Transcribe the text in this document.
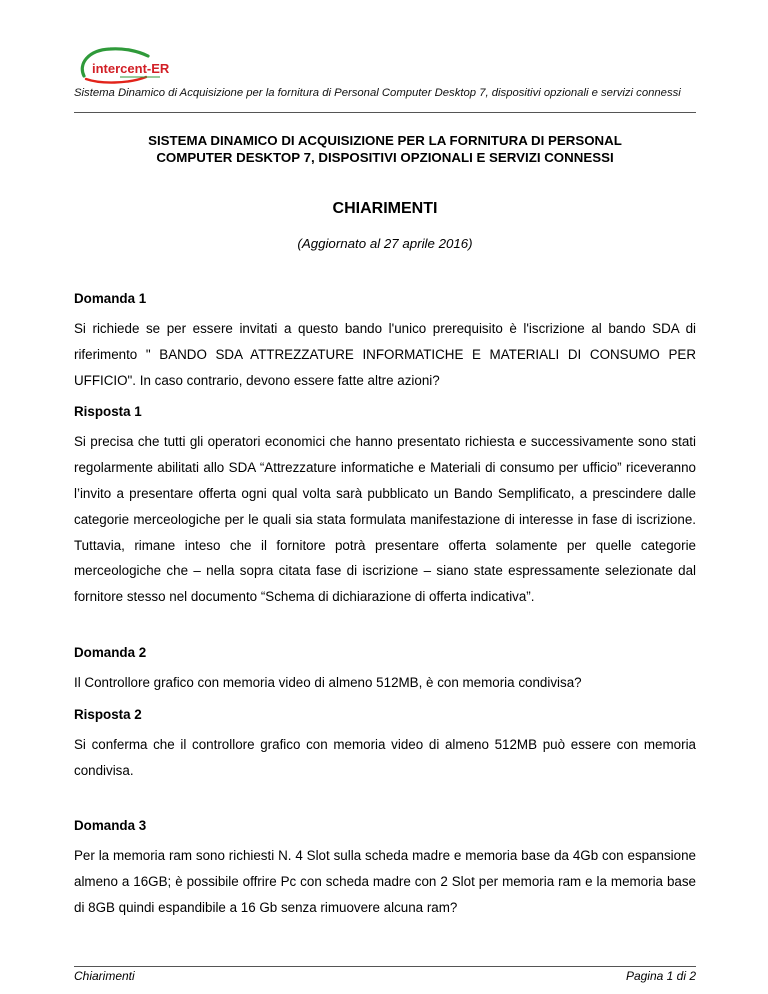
intercent-ER
Sistema Dinamico di Acquisizione per la fornitura di Personal Computer Desktop 7, dispositivi opzionali e servizi connessi
SISTEMA DINAMICO DI ACQUISIZIONE PER LA FORNITURA DI PERSONAL
COMPUTER DESKTOP 7, DISPOSITIVI OPZIONALI E SERVIZI CONNESSI
CHIARIMENTI
(Aggiornato al 27 aprile 2016)

Domanda 1

Si richiede se per essere invitati a questo bando l'unico prerequisito è l'iscrizione al bando SDA di riferimento " BANDO SDA ATTREZZATURE INFORMATICHE E MATERIALI DI CONSUMO PER UFFICIO". In caso contrario, devono essere fatte altre azioni?

Risposta 1

Si precisa che tutti gli operatori economici che hanno presentato richiesta e successivamente sono stati regolarmente abilitati allo SDA “Attrezzature informatiche e Materiali di consumo per ufficio” riceveranno l’invito a presentare offerta ogni qual volta sarà pubblicato un Bando Semplificato, a prescindere dalle categorie merceologiche per le quali sia stata formulata manifestazione di interesse in fase di iscrizione. Tuttavia, rimane inteso che il fornitore potrà presentare offerta solamente per quelle categorie merceologiche che – nella sopra citata fase di iscrizione – siano state espressamente selezionate dal fornitore stesso nel documento “Schema di dichiarazione di offerta indicativa”.

Domanda 2

Il Controllore grafico con memoria video di almeno 512MB, è con memoria condivisa?

Risposta 2

Si conferma che il controllore grafico con memoria video di almeno 512MB può essere con memoria condivisa.

Domanda 3

Per la memoria ram sono richiesti N. 4 Slot sulla scheda madre e memoria base da 4Gb con espansione almeno a 16GB; è possibile offrire Pc con scheda madre con 2 Slot per memoria ram e la memoria base di 8GB quindi espandibile a 16 Gb senza rimuovere alcuna ram?

Chiarimenti	Pagina 1 di 2
